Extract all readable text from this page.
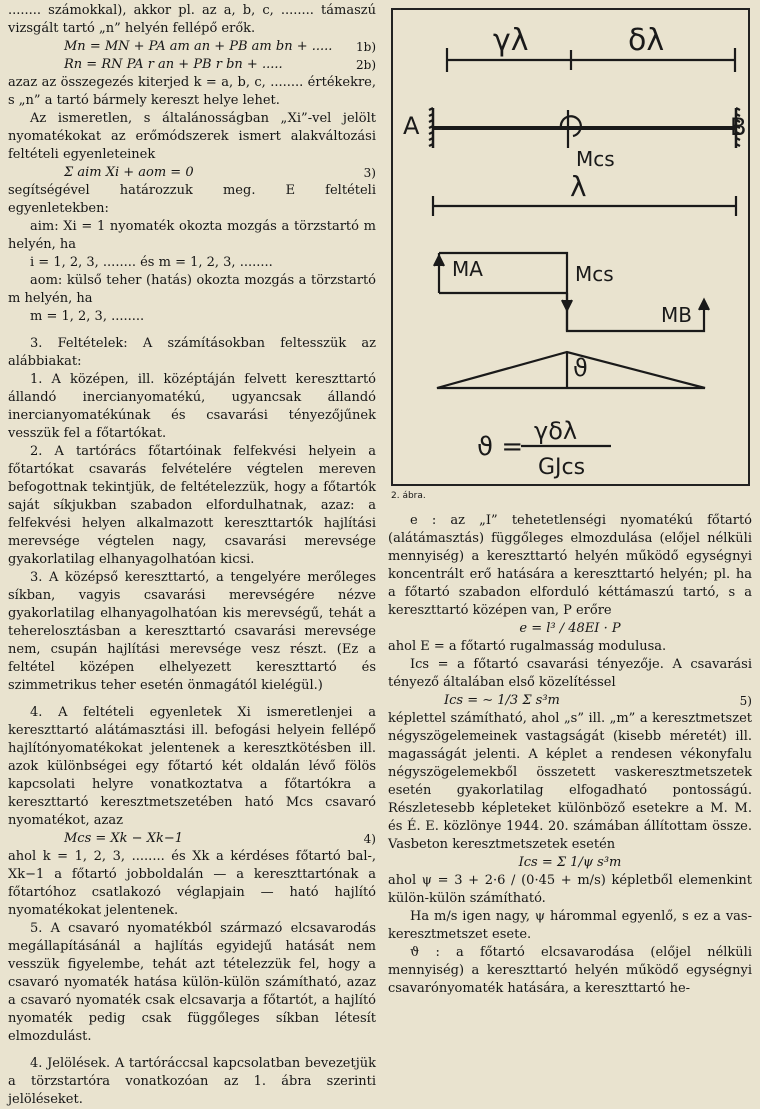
........ számokkal), akkor pl. az a, b, c, ........ támaszú vizsgált tartó „n” helyén fellépő erők.

Mn = MN + PA am an + PB am bn + ..... 1b)
Rn = RN PA r an + PB r bn + .....	2b)

azaz az összegezés kiterjed k = a, b, c, ........ értékekre, s „n” a tartó bármely kereszt helye lehet.

Az ismeretlen, s általánosságban „Xi”-vel jelölt nyomatékokat az erőmódszerek ismert alakváltozási feltételi egyenleteinek

Σ aim Xi + aom = 0	3)

segítségével határozzuk meg. E feltételi egyenletekben:

aim: Xi = 1 nyomaték okozta mozgás a törzstartó m helyén, ha

i = 1, 2, 3, ........ és m = 1, 2, 3, ........

aom: külső teher (hatás) okozta mozgás a törzstartó m helyén, ha

m = 1, 2, 3, ........

3. Feltételek: A számításokban feltesszük az alábbiakat:

1. A középen, ill. középtáján felvett kereszttartó állandó inercianyomatékú, ugyancsak állandó inercianyomatékúnak és csavarási tényezőjűnek vesszük fel a főtartókat.

2. A tartórács főtartóinak felfekvési helyein a főtartókat csavarás felvételére végtelen mereven befogottnak tekintjük, de feltételezzük, hogy a főtartók saját síkjukban szabadon elfordulhatnak, azaz: a felfekvési helyen alkalmazott kereszttartók hajlítási merevsége végtelen nagy, csavarási merevsége gyakorlatilag elhanyagolhatóan kicsi.

3. A középső kereszttartó, a tengelyére merőleges síkban, vagyis csavarási merevségére nézve gyakorlatilag elhanyagolhatóan kis merevségű, tehát a teherelosztásban a kereszttartó csavarási merevsége nem, csupán hajlítási merevsége vesz részt. (Ez a feltétel középen elhelyezett kereszttartó és szimmetrikus teher esetén önmagától kielégül.)

4. A feltételi egyenletek Xi ismeretlenjei a kereszttartó alátámasztási ill. befogási helyein fellépő hajlítónyomatékokat jelentenek a keresztkötésben ill. azok különbségei egy főtartó két oldalán lévő fölös kapcsolati helyre vonatkoztatva a főtartókra a kereszttartó keresztmetszetében ható Mcs csavaró nyomatékot, azaz

Mcs = Xk − Xk−1	4)

ahol k = 1, 2, 3, ........ és Xk a kérdéses főtartó bal-, Xk−1 a főtartó jobboldalán — a kereszttartónak a főtartóhoz csatlakozó véglapjain — ható hajlító nyomatékokat jelentenek.

5. A csavaró nyomatékból származó elcsavarodás megállapításánál a hajlítás egyidejű hatását nem vesszük figyelembe, tehát azt tételezzük fel, hogy a csavaró nyomaték hatása külön-külön számítható, azaz a csavaró nyomaték csak elcsavarja a főtartót, a hajlító nyomaték pedig csak függőleges síkban létesít elmozdulást.

4. Jelölések. A tartóráccsal kapcsolatban bevezetjük a törzstartóra vonatkozóan az 1. ábra szerinti jelöléseket.

γλ	δλ
A	B
Mcs
λ
MA	Mcs
MB
ϑ
ϑ =
γδλ
GJcs
2. ábra.

e : az „I” tehetetlenségi nyomatékú főtartó (alátámasztás) függőleges elmozdulása (előjel nélküli mennyiség) a kereszttartó helyén működő egységnyi koncentrált erő hatására a kereszttartó helyén; pl. ha a főtartó szabadon elforduló kéttámaszú tartó, s a kereszttartó középen van, P erőre

e = l³ / 48EI · P

ahol E = a főtartó rugalmasság modulusa.

Ics = a főtartó csavarási tényezője. A csavarási tényező általában első közelítéssel

Ics = ∼ 1/3 Σ s³m	5)

képlettel számítható, ahol „s” ill. „m” a keresztmetszet négyszögelemeinek vastagságát (kisebb méretét) ill. magasságát jelenti. A képlet a rendesen vékonyfalu négyszögelemekből összetett vaskeresztmetszetek esetén gyakorlatilag elfogadható pontosságú. Részletesebb képleteket különböző esetekre a M. M. és É. E. közlönye 1944. 20. számában állítottam össze. Vasbeton keresztmetszetek esetén

Ics = Σ 1/ψ s³m

ahol ψ = 3 + 2·6 / (0·45 + m/s) képletből elemenkint külön-külön számítható.

Ha m/s igen nagy, ψ hárommal egyenlő, s ez a vas-keresztmetszet esete.

ϑ : a főtartó elcsavarodása (előjel nélküli mennyiség) a kereszttartó helyén működő egységnyi csavarónyomaték hatására, a kereszttartó he-
